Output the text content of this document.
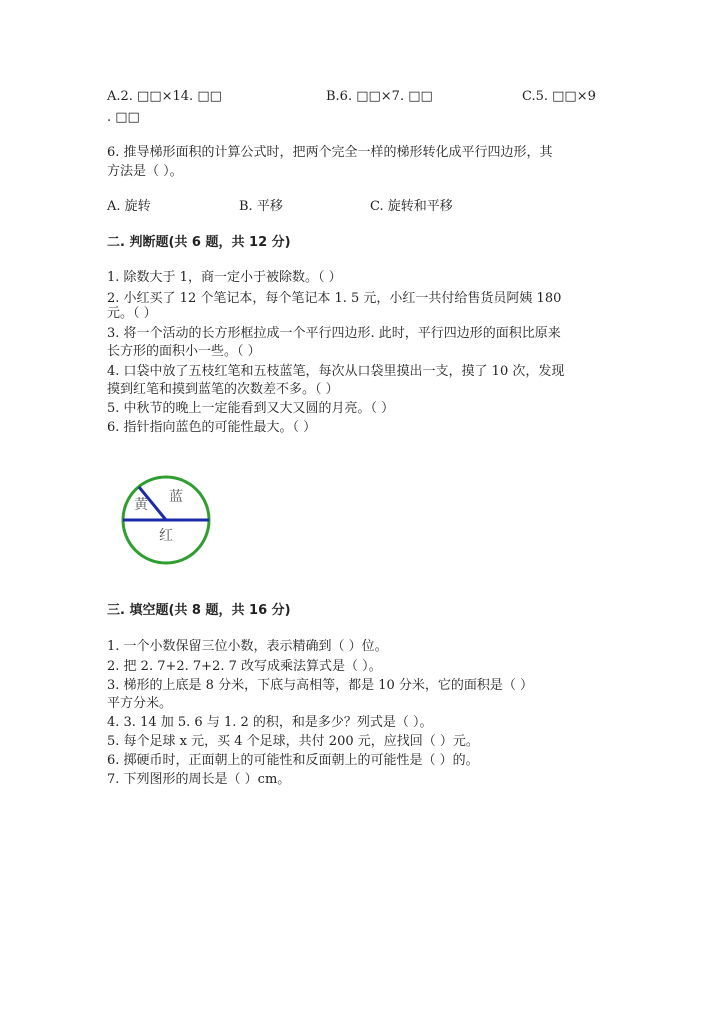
A.2. □□×14. □□	B.6. □□×7. □□	C.5. □□×9
. □□
6. 推导梯形面积的计算公式时，把两个完全一样的梯形转化成平行四边形，其
方法是（ ）。
A. 旋转	B. 平移	C. 旋转和平移
二. 判断题(共 6 题，共 12 分)
1. 除数大于 1，商一定小于被除数。（ ）
2. 小红买了 12 个笔记本，每个笔记本 1. 5 元，小红一共付给售货员阿姨 180
元。（ ）
3. 将一个活动的长方形框拉成一个平行四边形. 此时，平行四边形的面积比原来
长方形的面积小一些。（ ）
4. 口袋中放了五枝红笔和五枝蓝笔，每次从口袋里摸出一支，摸了 10 次，发现
摸到红笔和摸到蓝笔的次数差不多。（ ）
5. 中秋节的晚上一定能看到又大又圆的月亮。（ ）
6. 指针指向蓝色的可能性最大。（ ）
黄 蓝
红
三. 填空题(共 8 题，共 16 分)
1. 一个小数保留三位小数，表示精确到（ ）位。
2. 把 2. 7+2. 7+2. 7 改写成乘法算式是（ ）。
3. 梯形的上底是 8 分米，下底与高相等，都是 10 分米，它的面积是（ ）
平方分米。
4. 3. 14 加 5. 6 与 1. 2 的积，和是多少？列式是（ ）。
5. 每个足球 x 元，买 4 个足球，共付 200 元，应找回（ ）元。
6. 掷硬币时，正面朝上的可能性和反面朝上的可能性是（ ）的。
7. 下列图形的周长是（ ）cm。
